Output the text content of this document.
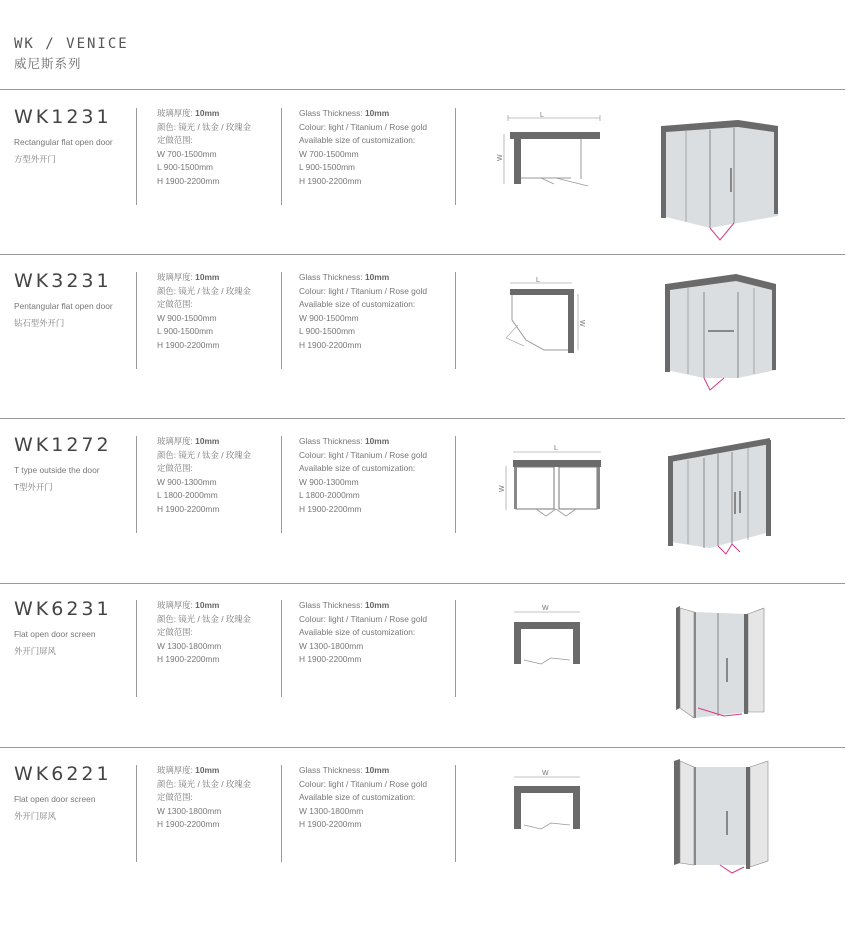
WK / VENICE
威尼斯系列
WK1231
Rectangular flat open door
方型外开门
玻璃厚度: 10mm
颜色: 镜光 / 钛金 / 玫瑰金
定做范围:
W 700-1500mm
L 900-1500mm
H 1900-2200mm
Glass Thickness: 10mm
Colour: light / Titanium / Rose gold
Available size of customization:
W 700-1500mm
L 900-1500mm
H 1900-2200mm
L
W
WK3231
Pentangular flat open door
钻石型外开门
玻璃厚度: 10mm
颜色: 镜光 / 钛金 / 玫瑰金
定做范围:
W 900-1500mm
L 900-1500mm
H 1900-2200mm
Glass Thickness: 10mm
Colour: light / Titanium / Rose gold
Available size of customization:
W 900-1500mm
L 900-1500mm
H 1900-2200mm
L
W
WK1272
T type outside the door
T型外开门
玻璃厚度: 10mm
颜色: 镜光 / 钛金 / 玫瑰金
定做范围:
W 900-1300mm
L 1800-2000mm
H 1900-2200mm
Glass Thickness: 10mm
Colour: light / Titanium / Rose gold
Available size of customization:
W 900-1300mm
L 1800-2000mm
H 1900-2200mm
L
W
WK6231
Flat open door screen
外开门屏风
玻璃厚度: 10mm
颜色: 镜光 / 钛金 / 玫瑰金
定做范围:
W 1300-1800mm
H 1900-2200mm
Glass Thickness: 10mm
Colour: light / Titanium / Rose gold
Available size of customization:
W 1300-1800mm
H 1900-2200mm
W
WK6221
Flat open door screen
外开门屏风
玻璃厚度: 10mm
颜色: 镜光 / 钛金 / 玫瑰金
定做范围:
W 1300-1800mm
H 1900-2200mm
Glass Thickness: 10mm
Colour: light / Titanium / Rose gold
Available size of customization:
W 1300-1800mm
H 1900-2200mm
W
